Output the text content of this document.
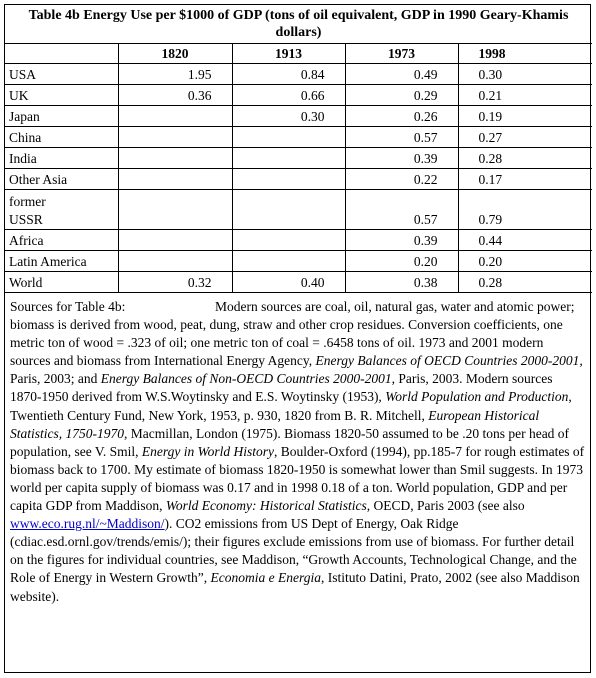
Table 4b Energy Use per $1000 of GDP (tons of oil equivalent, GDP in 1990 Geary-Khamis dollars)				
	1820	1913	1973	1998
USA	1.95	0.84	0.49	0.30
UK	0.36	0.66	0.29	0.21
Japan		0.30	0.26	0.19
China			0.57	0.27
India			0.39	0.28
Other Asia			0.22	0.17
former USSR			0.57	0.79
Africa			0.39	0.44
Latin America			0.20	0.20
World	0.32	0.40	0.38	0.28
Sources for Table 4b:	Modern sources are coal, oil, natural gas, water and atomic power; biomass is derived from wood, peat, dung, straw and other crop residues. Conversion coefficients, one metric ton of wood = .323 of oil; one metric ton of coal = .6458 tons of oil. 1973 and 2001 modern sources and biomass from International Energy Agency, Energy Balances of OECD Countries 2000-2001, Paris, 2003; and Energy Balances of Non-OECD Countries 2000-2001, Paris, 2003. Modern sources 1870-1950 derived from W.S.Woytinsky and E.S. Woytinsky (1953), World Population and Production, Twentieth Century Fund, New York, 1953, p. 930, 1820 from B. R. Mitchell, European Historical Statistics, 1750-1970, Macmillan, London (1975). Biomass 1820-50 assumed to be .20 tons per head of population, see V. Smil, Energy in World History, Boulder-Oxford (1994), pp.185-7 for rough estimates of biomass back to 1700. My estimate of biomass 1820-1950 is somewhat lower than Smil suggests. In 1973 world per capita supply of biomass was 0.17 and in 1998 0.18 of a ton. World population, GDP and per capita GDP from Maddison, World Economy: Historical Statistics, OECD, Paris 2003 (see also www.eco.rug.nl/~Maddison/). CO2 emissions from US Dept of Energy, Oak Ridge (cdiac.esd.ornl.gov/trends/emis/); their figures exclude emissions from use of biomass. For further detail on the figures for individual countries, see Maddison, “Growth Accounts, Technological Change, and the Role of Energy in Western Growth”, Economia e Energia, Istituto Datini, Prato, 2002 (see also Maddison website).
